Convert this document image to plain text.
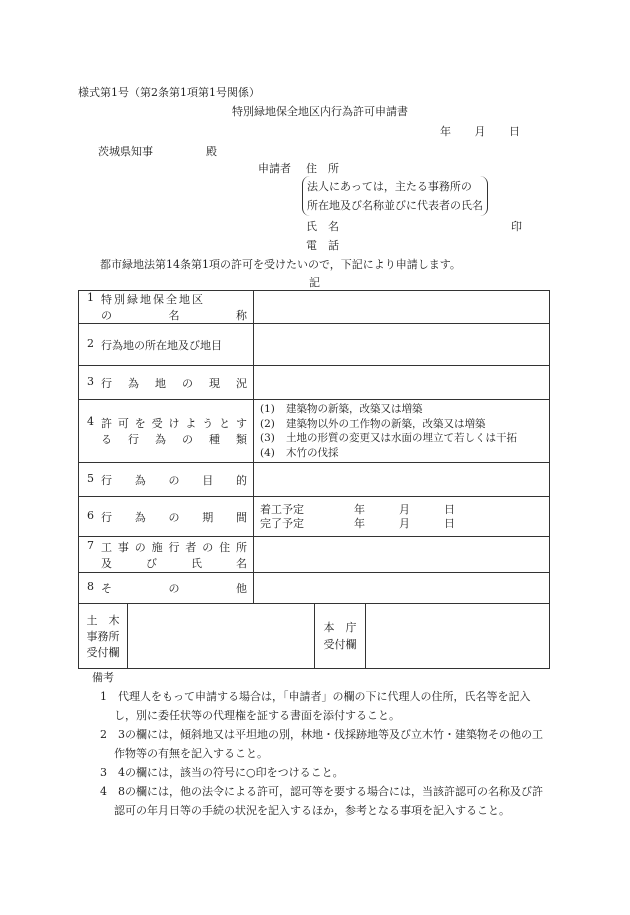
様式第1号（第2条第1項第1号関係）
特別緑地保全地区内行為許可申請書
年 月 日
茨城県知事	殿
申請者 住　所
法人にあっては，主たる事務所の
所在地及び名称並びに代表者の氏名
氏　名	印
電　話
都市緑地法第14条第1項の許可を受けたいので，下記により申請します。
記
1 特別緑地保全地区
の	名	称

2 行為地の所在地及び地目

3 行 為 地 の 現 況

4 許 可 を 受 け よ う と す
る 行 為 の 種 類

(1)	建築物の新築，改築又は増築
(2)	建築物以外の工作物の新築，改築又は増築
(3)	土地の形質の変更又は水面の埋立て若しくは干拓
(4)	木竹の伐採

5 行 為 の 目 的

6 行 為 の 期 間

着工予定	年	月	日
完了予定	年	月	日

7 工 事 の 施 行 者 の 住 所
及	び	氏	名

8 そ	の	他

土　木
事務所
受付欄

本　庁
受付欄

備考
1　代理人をもって申請する場合は，「申請者」の欄の下に代理人の住所，氏名等を記入し，別に委任状等の代理権を証する書面を添付すること。
2　3の欄には，傾斜地又は平坦地の別，林地・伐採跡地等及び立木竹・建築物その他の工作物等の有無を記入すること。
3　4の欄には，該当の符号に○印をつけること。
4　8の欄には，他の法令による許可，認可等を要する場合には，当該許認可の名称及び許認可の年月日等の手続の状況を記入するほか，参考となる事項を記入すること。
